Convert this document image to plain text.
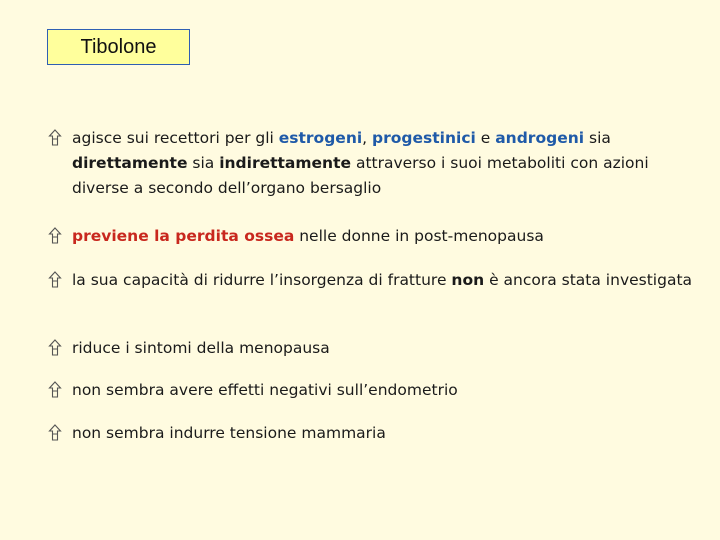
Tibolone
agisce sui recettori per gli estrogeni, progestinici e androgeni sia direttamente sia indirettamente attraverso i suoi metaboliti con azioni diverse a secondo dell’organo bersaglio
previene la perdita ossea nelle donne in post-menopausa
la sua capacità di ridurre l’insorgenza di fratture non è ancora stata investigata
riduce i sintomi della menopausa
non sembra avere effetti negativi sull’endometrio
non sembra indurre tensione mammaria
